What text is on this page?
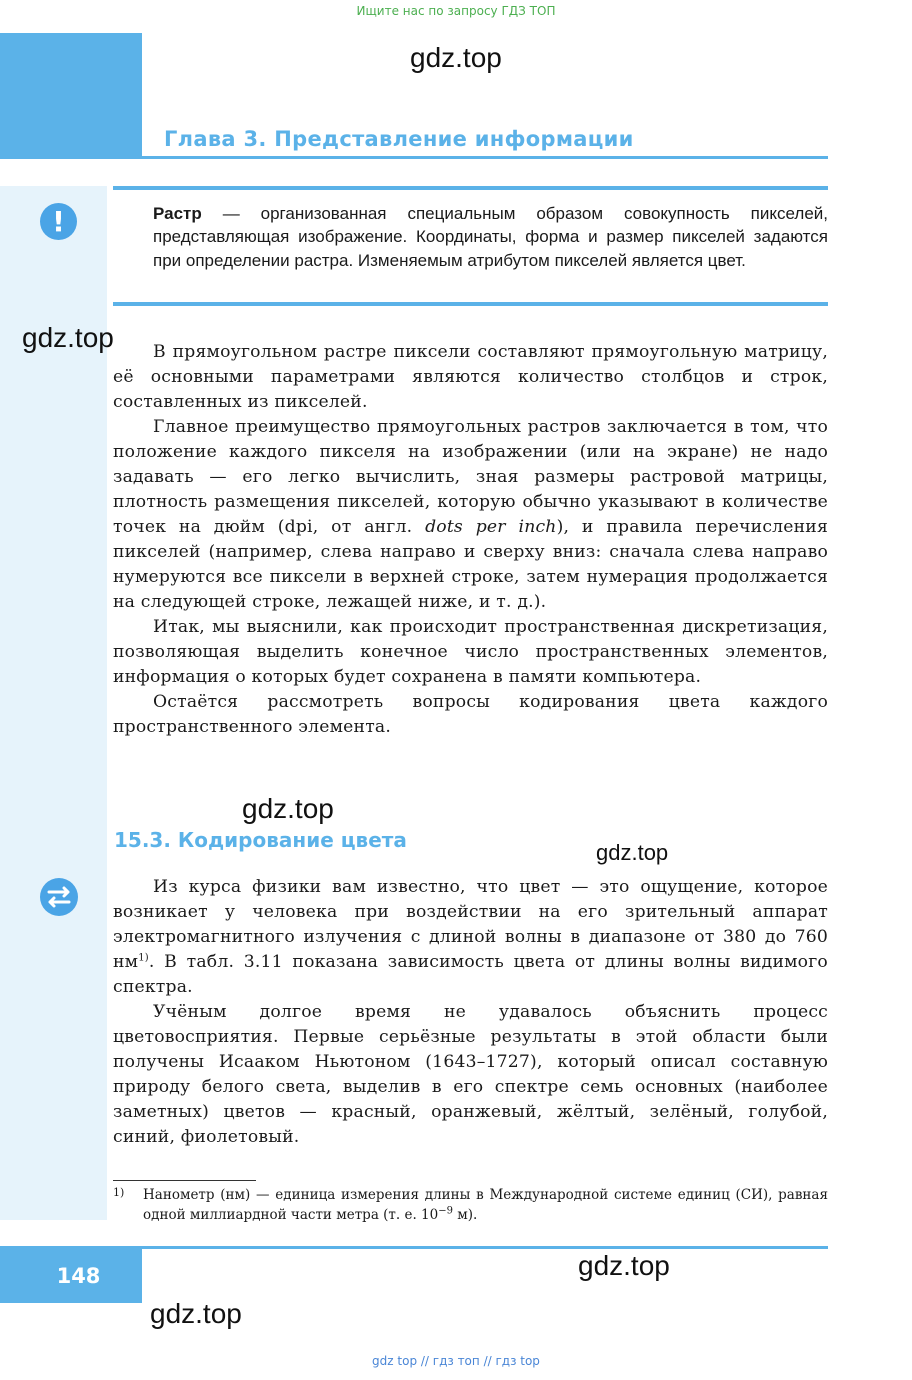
Ищите нас по запросу ГДЗ ТОП
Глава 3. Представление информации
gdz.top
!	Растр — организованная специальным образом совокупность пикселей, представляющая изображение. Координаты, форма и размер пикселей задаются при определении растра. Изменяемым атрибутом пикселей является цвет.
gdz.top	В прямоугольном растре пиксели составляют прямоугольную матрицу, её основными параметрами являются количество столбцов и строк, составленных из пикселей.

Главное преимущество прямоугольных растров заключается в том, что положение каждого пикселя на изображении (или на экране) не надо задавать — его легко вычислить, зная размеры растровой матрицы, плотность размещения пикселей, которую обычно указывают в количестве точек на дюйм (dpi, от англ. dots per inch), и правила перечисления пикселей (например, слева направо и сверху вниз: сначала слева направо нумеруются все пиксели в верхней строке, затем нумерация продолжается на следующей строке, лежащей ниже, и т. д.).

Итак, мы выяснили, как происходит пространственная дискретизация, позволяющая выделить конечное число пространственных элементов, информация о которых будет сохранена в памяти компьютера.

Остаётся рассмотреть вопросы кодирования цвета каждого пространственного элемента.

gdz.top
15.3. Кодирование цвета	gdz.top

Из курса физики вам известно, что цвет — это ощущение, которое возникает у человека при воздействии на его зрительный аппарат электромагнитного излучения с длиной волны в диапазоне от 380 до 760 $нм^{1)}$. В табл. 3.11 показана зависимость цвета от длины волны видимого спектра.

Учёным долгое время не удавалось объяснить процесс цветовосприятия. Первые серьёзные результаты в этой области были получены Исааком Ньютоном (1643–1727), который описал составную природу белого света, выделив в его спектре семь основных (наиболее заметных) цветов — красный, оранжевый, жёлтый, зелёный, голубой, синий, фиолетовый.

1) Нанометр (нм) — единица измерения длины в Международной системе единиц (СИ), равная одной миллиардной части метра (т. е. $10^{-9}$ м).
148	gdz.top
gdz.top
gdz top // гдз топ // гдз top
